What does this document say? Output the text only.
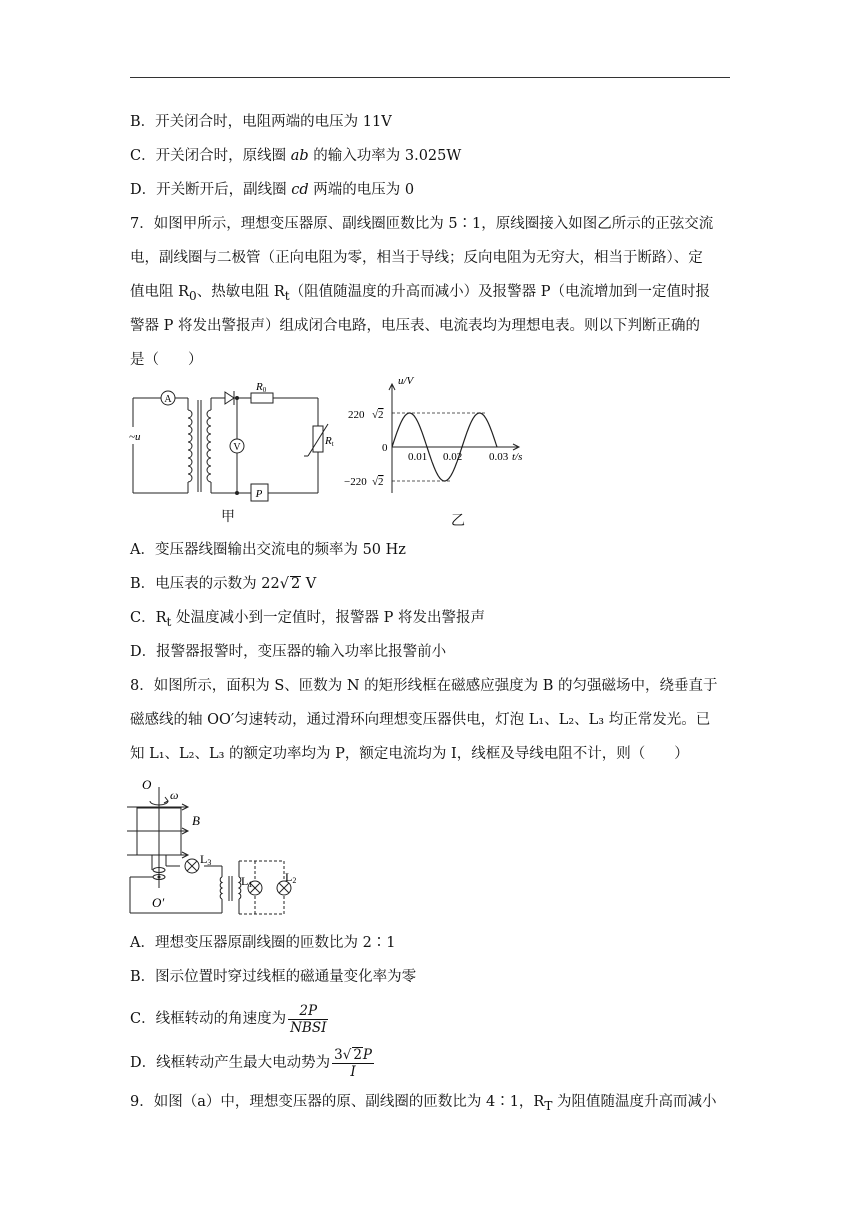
B．开关闭合时，电阻两端的电压为 11V
C．开关闭合时，原线圈 ab 的输入功率为 3.025W
D．开关断开后，副线圈 cd 两端的电压为 0
7．如图甲所示，理想变压器原、副线圈匝数比为 5∶1，原线圈接入如图乙所示的正弦交流
电，副线圈与二极管（正向电阻为零，相当于导线；反向电阻为无穷大，相当于断路）、定
值电阻 $R_0$、热敏电阻 $R_t$（阻值随温度的升高而减小）及报警器 P（电流增加到一定值时报
警器 P 将发出警报声）组成闭合电路，电压表、电流表均为理想电表。则以下判断正确的
是（　　）
A
V
~u
R0
Rt
P
甲
u/V
220 √2
0
−220 √2
0.01 0.02 0.03 t/s
乙
A．变压器线圈输出交流电的频率为 50 Hz
B．电压表的示数为 22√ 2 V
C．$R_t$ 处温度减小到一定值时，报警器 P 将发出警报声
D．报警器报警时，变压器的输入功率比报警前小
8．如图所示，面积为 S、匝数为 N 的矩形线框在磁感应强度为 B 的匀强磁场中，绕垂直于
磁感线的轴 OO′匀速转动，通过滑环向理想变压器供电，灯泡 L₁、L₂、L₃ 均正常发光。已
知 L₁、L₂、L₃ 的额定功率均为 P，额定电流均为 I，线框及导线电阻不计，则（　　）
O
ω
B
O′
L3
L1
L2
A．理想变压器原副线圈的匝数比为 2∶1
B．图示位置时穿过线框的磁通量变化率为零
C．线框转动的角速度为 $\frac{2P}{\text{NBSI}}$
D．线框转动产生最大电动势为 $\frac{3√ 2P}{I}$
9．如图（a）中，理想变压器的原、副线圈的匝数比为 4∶1，$R_T$ 为阻值随温度升高而减小
